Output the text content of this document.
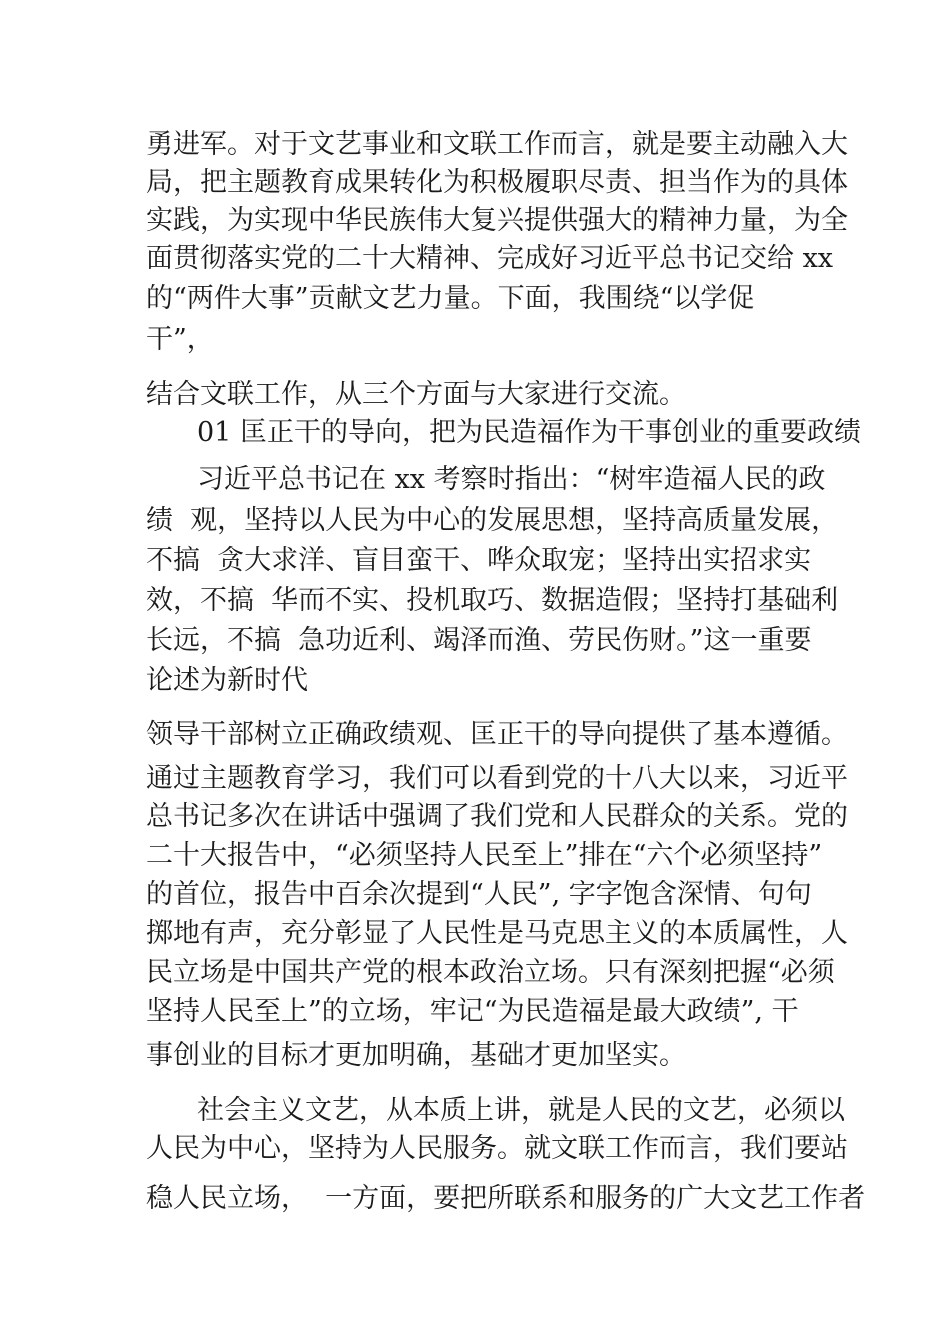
勇进军。对于文艺事业和文联工作而言，就是要主动融入大

局，把主题教育成果转化为积极履职尽责、担当作为的具体

实践，为实现中华民族伟大复兴提供强大的精神力量，为全

面贯彻落实党的二十大精神、完成好习近平总书记交给 xx

的“两件大事”贡献文艺力量。下面，我围绕“以学促

干”，

结合文联工作，从三个方面与大家进行交流。

01 匡正干的导向，把为民造福作为干事创业的重要政绩

习近平总书记在 xx 考察时指出：“树牢造福人民的政

绩  观，坚持以人民为中心的发展思想，坚持高质量发展，

不搞  贪大求洋、盲目蛮干、哗众取宠；坚持出实招求实

效，不搞  华而不实、投机取巧、数据造假；坚持打基础利

长远，不搞  急功近利、竭泽而渔、劳民伤财。”这一重要

论述为新时代

领导干部树立正确政绩观、匡正干的导向提供了基本遵循。

通过主题教育学习，我们可以看到党的十八大以来，习近平

总书记多次在讲话中强调了我们党和人民群众的关系。党的

二十大报告中，“必须坚持人民至上”排在“六个必须坚持”

的首位，报告中百余次提到“人民”, 字字饱含深情、句句

掷地有声，充分彰显了人民性是马克思主义的本质属性，人

民立场是中国共产党的根本政治立场。只有深刻把握“必须

坚持人民至上”的立场，牢记“为民造福是最大政绩”, 干

事创业的目标才更加明确，基础才更加坚实。

社会主义文艺，从本质上讲，就是人民的文艺，必须以

人民为中心，坚持为人民服务。就文联工作而言，我们要站

稳人民立场，  一方面，要把所联系和服务的广大文艺工作者
